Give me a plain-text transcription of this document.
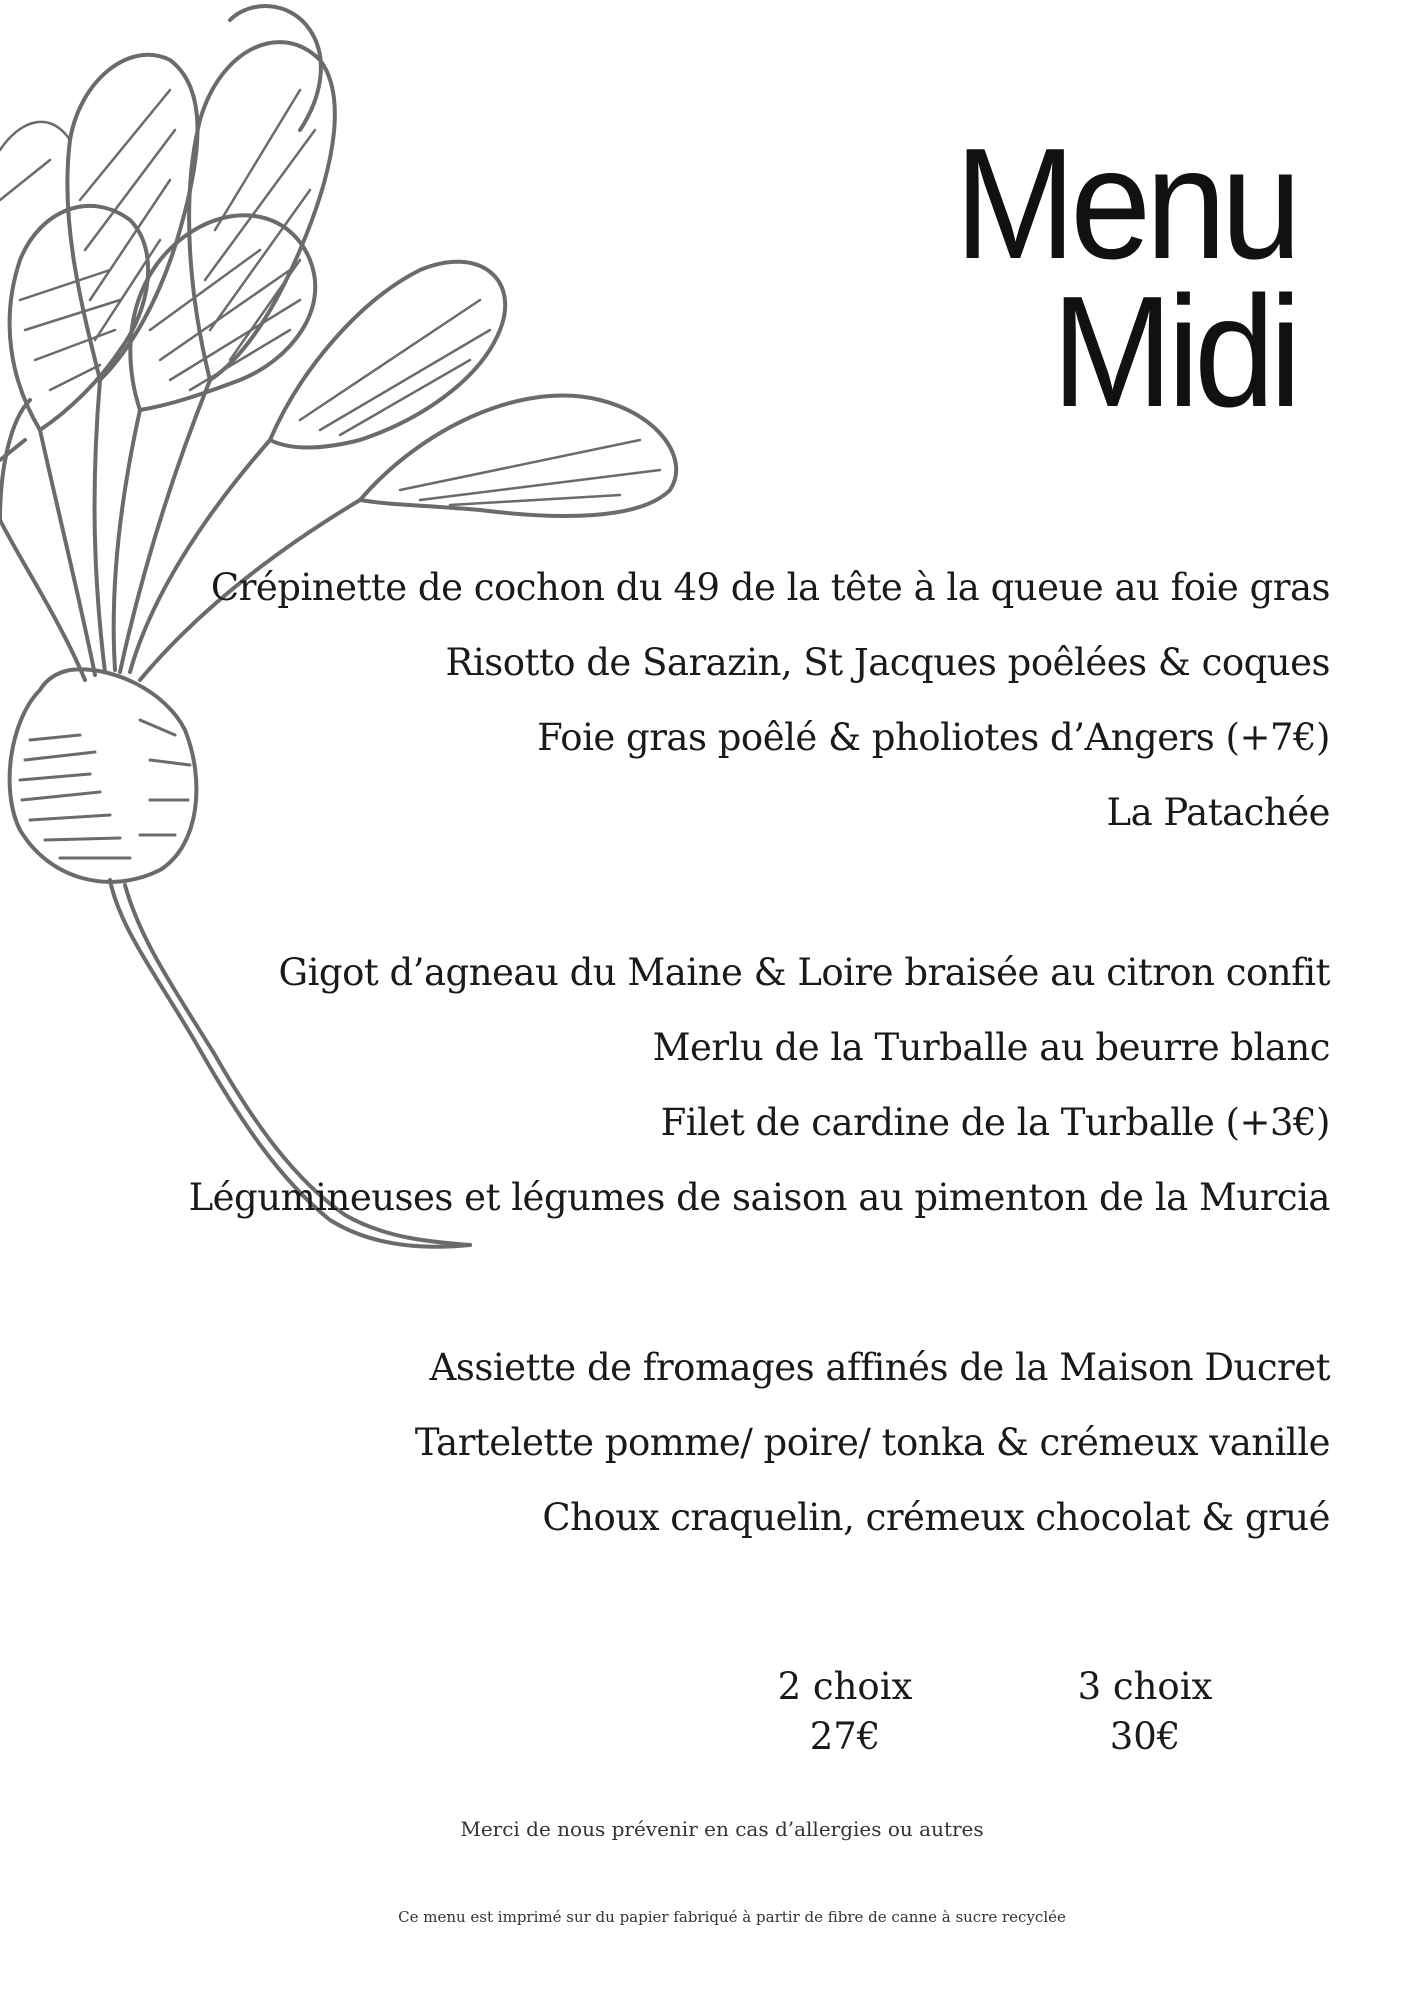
Menu
Midi
Crépinette de cochon du 49 de la tête à la queue au foie gras
Risotto de Sarazin, St Jacques poêlées & coques
Foie gras poêlé & pholiotes d’Angers (+7€)
La Patachée
Gigot d’agneau du Maine & Loire braisée au citron confit
Merlu de la Turballe au beurre blanc
Filet de cardine de la Turballe (+3€)
Légumineuses et légumes de saison au pimenton de la Murcia
Assiette de fromages affinés de la Maison Ducret
Tartelette pomme/ poire/ tonka & crémeux vanille
Choux craquelin, crémeux chocolat & grué
2 choix
27€
3 choix
30€
Merci de nous prévenir en cas d’allergies ou autres
Ce menu est imprimé sur du papier fabriqué à partir de fibre de canne à sucre recyclée
